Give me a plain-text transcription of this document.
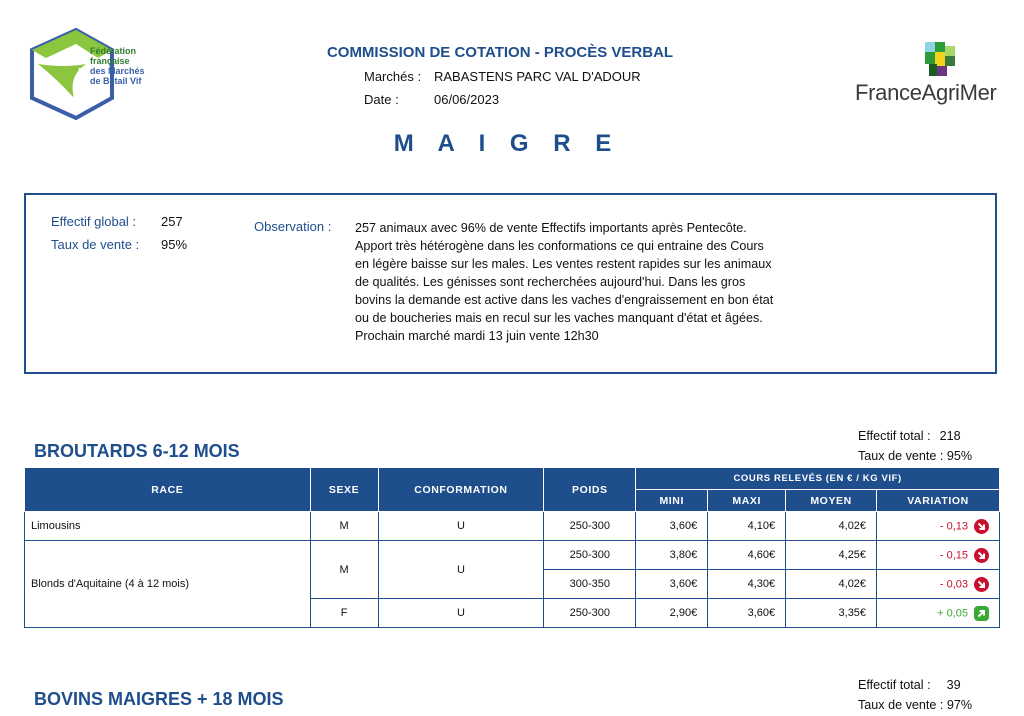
Fédération
française
des Marchés
de Bétail Vif
COMMISSION DE COTATION - PROCÈS VERBAL
Marchés : RABASTENS PARC VAL D'ADOUR
Date :	06/06/2023	FranceAgriMer
M A I G R E
Effectif global : 257
Taux de vente : 95%
Observation : 257 animaux avec 96% de vente Effectifs importants après Pentecôte. Apport très hétérogène dans les conformations ce qui entraine des Cours en légère baisse sur les males. Les ventes restent rapides sur les animaux de qualités. Les génisses sont recherchées aujourd'hui. Dans les gros bovins la demande est active dans les vaches d'engraissement en bon état ou de boucheries mais en recul sur les vaches manquant d'état et âgées. Prochain marché mardi 13 juin vente 12h30
BROUTARDS 6-12 MOIS
Effectif total : 218
Taux de vente : 95%
RACE	SEXE	CONFORMATION	POIDS	COURS RELEVÉS (EN € / KG VIF)			
				MINI	MAXI	MOYEN	VARIATION
Limousins	M	U	250-300	3,60€	4,10€	4,02€	- 0,13

Blonds d'Aquitaine (4 à 12 mois)	M	U	250-300	3,80€	4,60€	4,25€	- 0,15

			300-350	3,60€	4,30€	4,02€	- 0,03

	F	U	250-300	2,90€	3,60€	3,35€	+ 0,05
BOVINS MAIGRES + 18 MOIS
Effectif total : 39
Taux de vente : 97%
